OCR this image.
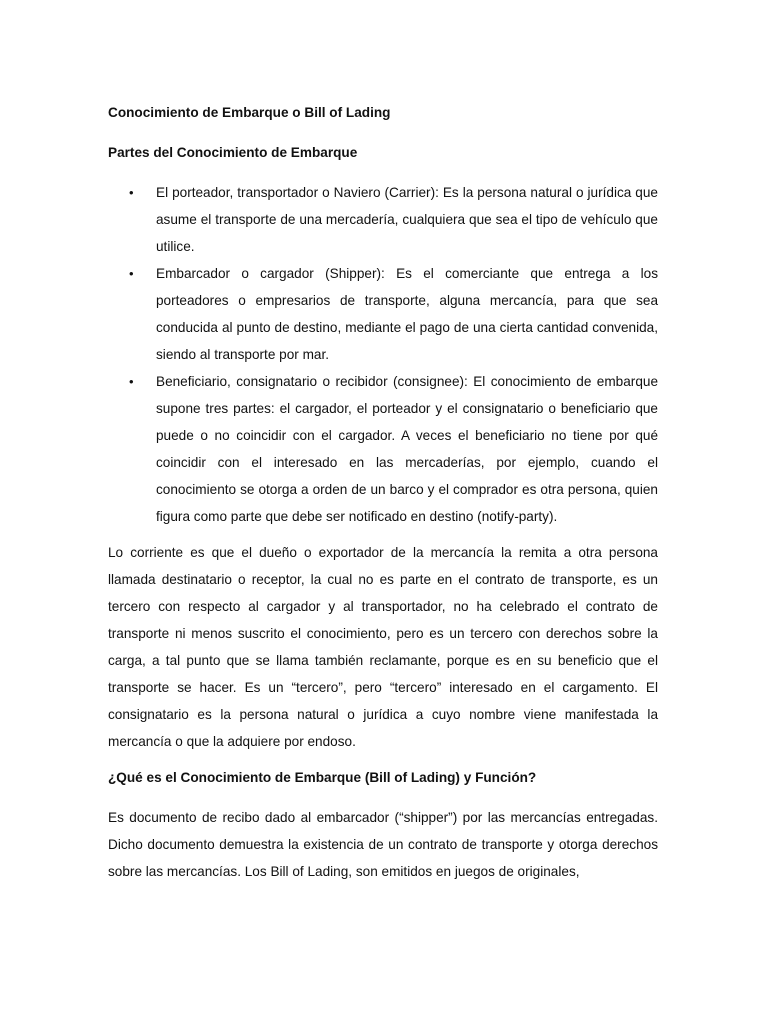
Conocimiento de Embarque o Bill of Lading

Partes del Conocimiento de Embarque

• El porteador, transportador o Naviero (Carrier): Es la persona natural o jurídica que asume el transporte de una mercadería, cualquiera que sea el tipo de vehículo que utilice.
• Embarcador o cargador (Shipper): Es el comerciante que entrega a los porteadores o empresarios de transporte, alguna mercancía, para que sea conducida al punto de destino, mediante el pago de una cierta cantidad convenida, siendo al transporte por mar.
• Beneficiario, consignatario o recibidor (consignee): El conocimiento de embarque supone tres partes: el cargador, el porteador y el consignatario o beneficiario que puede o no coincidir con el cargador. A veces el beneficiario no tiene por qué coincidir con el interesado en las mercaderías, por ejemplo, cuando el conocimiento se otorga a orden de un barco y el comprador es otra persona, quien figura como parte que debe ser notificado en destino (notify-party).

Lo corriente es que el dueño o exportador de la mercancía la remita a otra persona llamada destinatario o receptor, la cual no es parte en el contrato de transporte, es un tercero con respecto al cargador y al transportador, no ha celebrado el contrato de transporte ni menos suscrito el conocimiento, pero es un tercero con derechos sobre la carga, a tal punto que se llama también reclamante, porque es en su beneficio que el transporte se hacer. Es un “tercero”, pero “tercero” interesado en el cargamento. El consignatario es la persona natural o jurídica a cuyo nombre viene manifestada la mercancía o que la adquiere por endoso.

¿Qué es el Conocimiento de Embarque (Bill of Lading) y Función?

Es documento de recibo dado al embarcador (“shipper”) por las mercancías entregadas. Dicho documento demuestra la existencia de un contrato de transporte y otorga derechos sobre las mercancías. Los Bill of Lading, son emitidos en juegos de originales,
